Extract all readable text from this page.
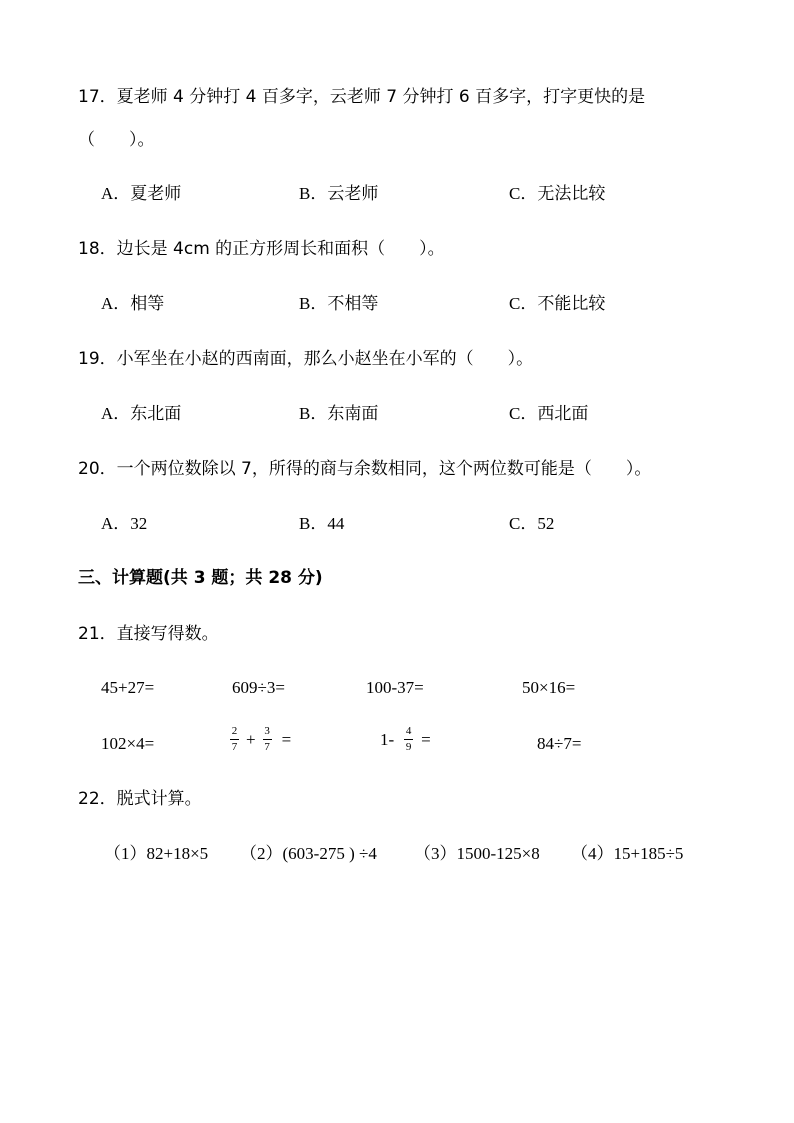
17．夏老师 4 分钟打 4 百多字，云老师 7 分钟打 6 百多字，打字更快的是
（　　）。
A．夏老师	B．云老师	C．无法比较
18．边长是 4cm 的正方形周长和面积（　　）。
A．相等	B．不相等	C．不能比较
19．小军坐在小赵的西南面，那么小赵坐在小军的（　　）。
A．东北面	B．东南面	C．西北面
20．一个两位数除以 7，所得的商与余数相同，这个两位数可能是（　　）。
A．32	B．44	C．52
三、计算题(共 3 题；共 28 分)
21．直接写得数。
45+27=	609÷3=	100-37=	50×16=
102×4=	$\frac{2}{7} + \frac{3}{7}$ =	$1- \frac{4}{9}$ =	84÷7=
22．脱式计算。
（1）82+18×5 （2）(603-275 ) ÷4 （3）1500-125×8 （4）15+185÷5
